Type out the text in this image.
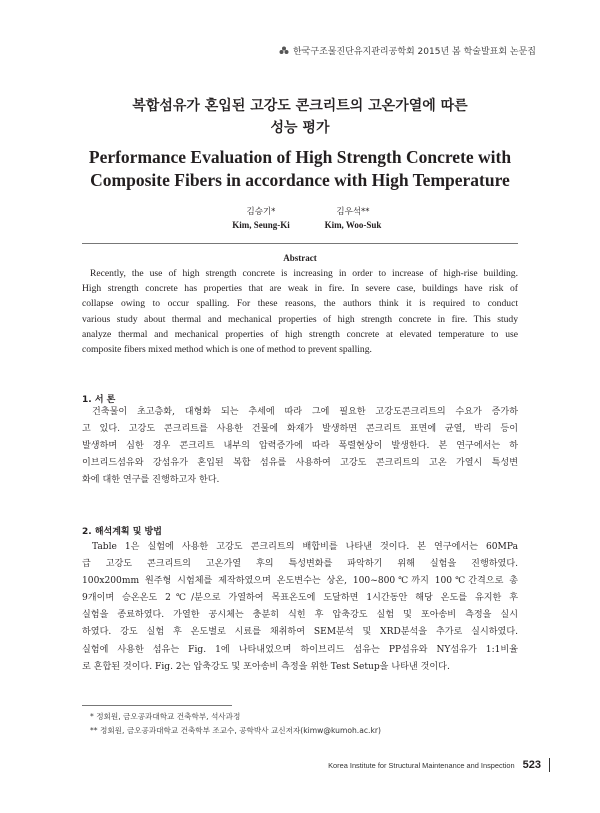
한국구조물진단유지관리공학회 2015년 봄 학술발표회 논문집
복합섬유가 혼입된 고강도 콘크리트의 고온가열에 따른
성능 평가
Performance Evaluation of High Strength Concrete with
Composite Fibers in accordance with High Temperature
김승기*
Kim, Seung-Ki
김우석**
Kim, Woo-Suk
Abstract
Recently, the use of high strength concrete is increasing in order to increase of high-rise building.
High strength concrete has properties that are weak in fire. In severe case, buildings have risk of
collapse owing to occur spalling. For these reasons, the authors think it is required to conduct
various study about thermal and mechanical properties of high strength concrete in fire. This study
analyze thermal and mechanical properties of high strength concrete at elevated temperature to use
composite fibers mixed method which is one of method to prevent spalling.
1. 서 론
건축물이 초고층화, 대형화 되는 추세에 따라 그에 필요한 고강도콘크리트의 수요가 증가하
고 있다. 고강도 콘크리트를 사용한 건물에 화재가 발생하면 콘크리트 표면에 균열, 박리 등이
발생하며 심한 경우 콘크리트 내부의 압력증가에 따라 폭렬현상이 발생한다. 본 연구에서는 하
이브리드섬유와 강섬유가 혼입된 복합 섬유를 사용하여 고강도 콘크리트의 고온 가열시 특성변
화에 대한 연구를 진행하고자 한다.
2. 해석계획 및 방법
Table 1은 실험에 사용한 고강도 콘크리트의 배합비를 나타낸 것이다. 본 연구에서는 60MPa
급 고강도 콘크리트의 고온가열 후의 특성변화를 파악하기 위해 실험을 진행하였다.
100x200mm 원주형 시험체를 제작하였으며 온도변수는 상온, 100~800℃까지 100℃간격으로 총
9개이며 승온온도 2℃/분으로 가열하여 목표온도에 도달하면 1시간동안 해당 온도를 유지한 후
실험을 종료하였다. 가열한 공시체는 충분히 식힌 후 압축강도 실험 및 포아송비 측정을 실시
하였다. 강도 실험 후 온도별로 시료를 채취하여 SEM분석 및 XRD분석을 추가로 실시하였다.
실험에 사용한 섬유는 Fig. 1에 나타내었으며 하이브리드 섬유는 PP섬유와 NY섬유가 1:1비율
로 혼합된 것이다. Fig. 2는 압축강도 및 포아송비 측정을 위한 Test Setup을 나타낸 것이다.
* 정회원, 금오공과대학교 건축학부, 석사과정
** 정회원, 금오공과대학교 건축학부 조교수, 공학박사 교신저자(kimw@kumoh.ac.kr)
Korea Institute for Structural Maintenance and Inspection 523
